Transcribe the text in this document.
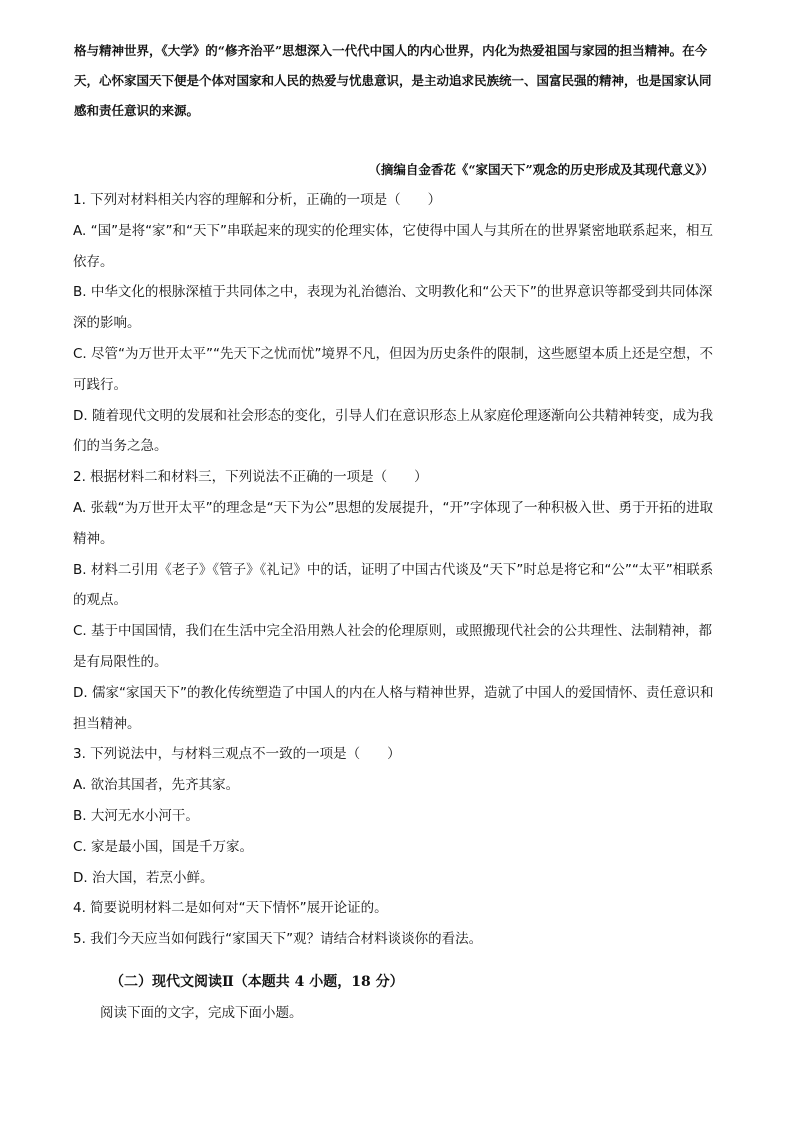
格与精神世界，《大学》的“修齐治平”思想深入一代代中国人的内心世界，内化为热爱祖国与家园的担当精神。在今天，心怀家国天下便是个体对国家和人民的热爱与忧患意识，是主动追求民族统一、国富民强的精神，也是国家认同感和责任意识的来源。

（摘编自金香花《“家国天下”观念的历史形成及其现代意义》）

1. 下列对材料相关内容的理解和分析，正确的一项是（　　）

A. “国”是将“家”和“天下”串联起来的现实的伦理实体，它使得中国人与其所在的世界紧密地联系起来，相互依存。

B. 中华文化的根脉深植于共同体之中，表现为礼治德治、文明教化和“公天下”的世界意识等都受到共同体深深的影响。

C. 尽管“为万世开太平”“先天下之忧而忧”境界不凡，但因为历史条件的限制，这些愿望本质上还是空想，不可践行。

D. 随着现代文明的发展和社会形态的变化，引导人们在意识形态上从家庭伦理逐渐向公共精神转变，成为我们的当务之急。

2. 根据材料二和材料三，下列说法不正确的一项是（　　）

A. 张载“为万世开太平”的理念是“天下为公”思想的发展提升，“开”字体现了一种积极入世、勇于开拓的进取精神。

B. 材料二引用《老子》《管子》《礼记》中的话，证明了中国古代谈及“天下”时总是将它和“公”“太平”相联系的观点。

C. 基于中国国情，我们在生活中完全沿用熟人社会的伦理原则，或照搬现代社会的公共理性、法制精神，都是有局限性的。

D. 儒家“家国天下”的教化传统塑造了中国人的内在人格与精神世界，造就了中国人的爱国情怀、责任意识和担当精神。

3. 下列说法中，与材料三观点不一致的一项是（　　）

A. 欲治其国者，先齐其家。

B. 大河无水小河干。

C. 家是最小国，国是千万家。

D. 治大国，若烹小鲜。

4. 简要说明材料二是如何对“天下情怀”展开论证的。

5. 我们今天应当如何践行“家国天下”观？请结合材料谈谈你的看法。

（二）现代文阅读Ⅱ（本题共 4 小题，18 分）
阅读下面的文字，完成下面小题。
